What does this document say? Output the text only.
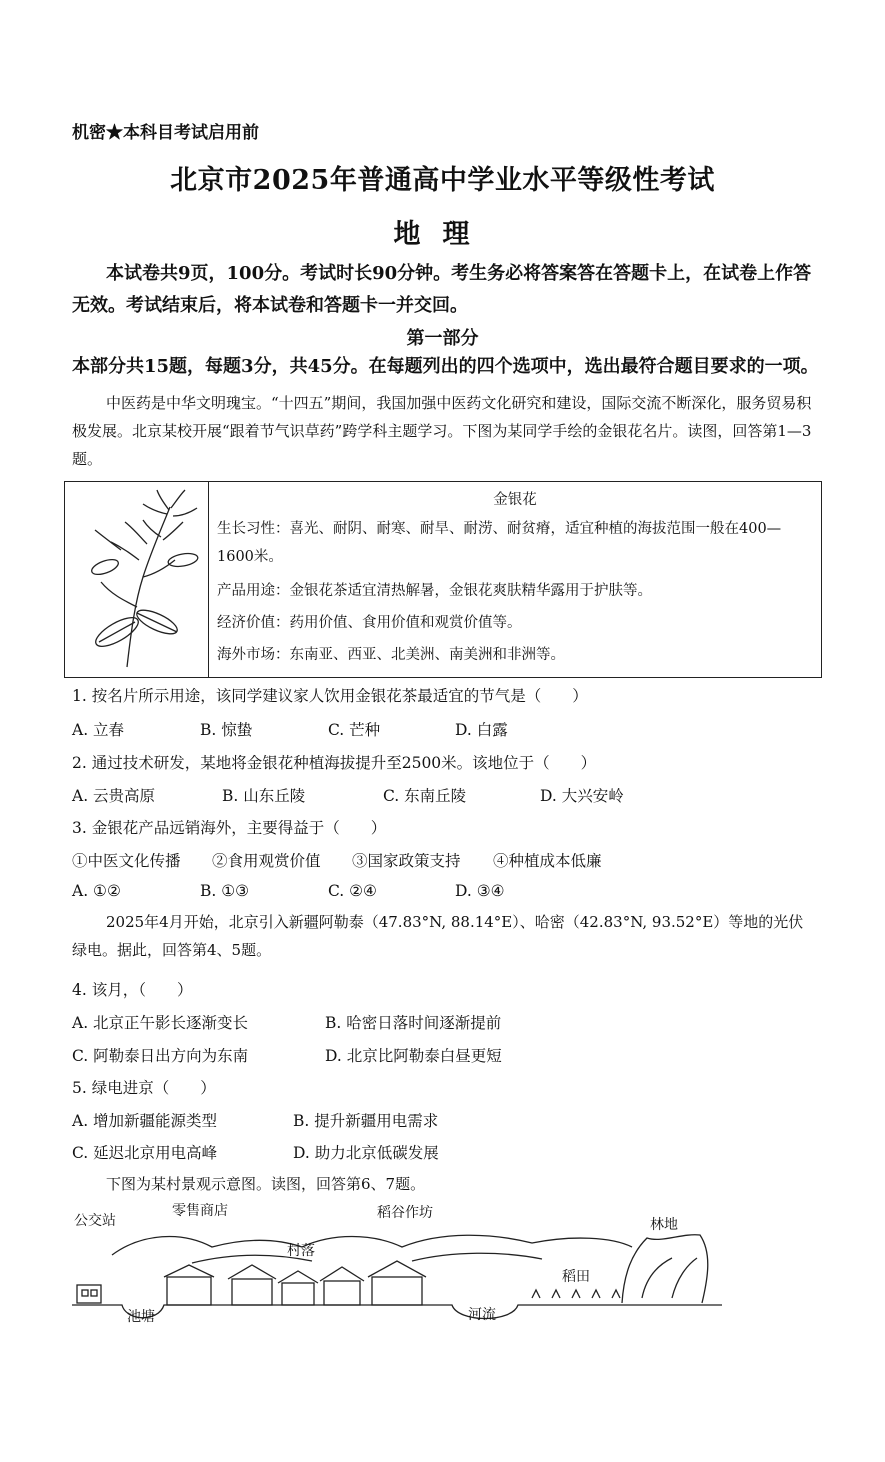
机密★本科目考试启用前
北京市2025年普通高中学业水平等级性考试
地理
本试卷共9页，100分。考试时长90分钟。考生务必将答案答在答题卡上，在试卷上作答无效。考试结束后，将本试卷和答题卡一并交回。
第一部分
本部分共15题，每题3分，共45分。在每题列出的四个选项中，选出最符合题目要求的一项。
中医药是中华文明瑰宝。“十四五”期间，我国加强中医药文化研究和建设，国际交流不断深化，服务贸易积极发展。北京某校开展“跟着节气识草药”跨学科主题学习。下图为某同学手绘的金银花名片。读图，回答第1—3题。
金银花
生长习性：喜光、耐阴、耐寒、耐旱、耐涝、耐贫瘠，适宜种植的海拔范围一般在400—1600米。
产品用途：金银花茶适宜清热解暑，金银花爽肤精华露用于护肤等。
经济价值：药用价值、食用价值和观赏价值等。
海外市场：东南亚、西亚、北美洲、南美洲和非洲等。
1. 按名片所示用途，该同学建议家人饮用金银花茶最适宜的节气是（　　）
A. 立春	B. 惊蛰	C. 芒种	D. 白露
2. 通过技术研发，某地将金银花种植海拔提升至2500米。该地位于（　　）
A. 云贵高原	B. 山东丘陵	C. 东南丘陵	D. 大兴安岭
3. 金银花产品远销海外，主要得益于（　　）
①中医文化传播 ②食用观赏价值 ③国家政策支持 ④种植成本低廉
A. ①②	B. ①③	C. ②④	D. ③④
2025年4月开始，北京引入新疆阿勒泰（47.83°N, 88.14°E）、哈密（42.83°N, 93.52°E）等地的光伏绿电。据此，回答第4、5题。
4. 该月，（　　）
A. 北京正午影长逐渐变长	B. 哈密日落时间逐渐提前
C. 阿勒泰日出方向为东南	D. 北京比阿勒泰白昼更短
5. 绿电进京（　　）
A. 增加新疆能源类型	B. 提升新疆用电需求
C. 延迟北京用电高峰	D. 助力北京低碳发展
下图为某村景观示意图。读图，回答第6、7题。
公交站
池塘
零售商店
村落
稻谷作坊
河流
稻田
林地
